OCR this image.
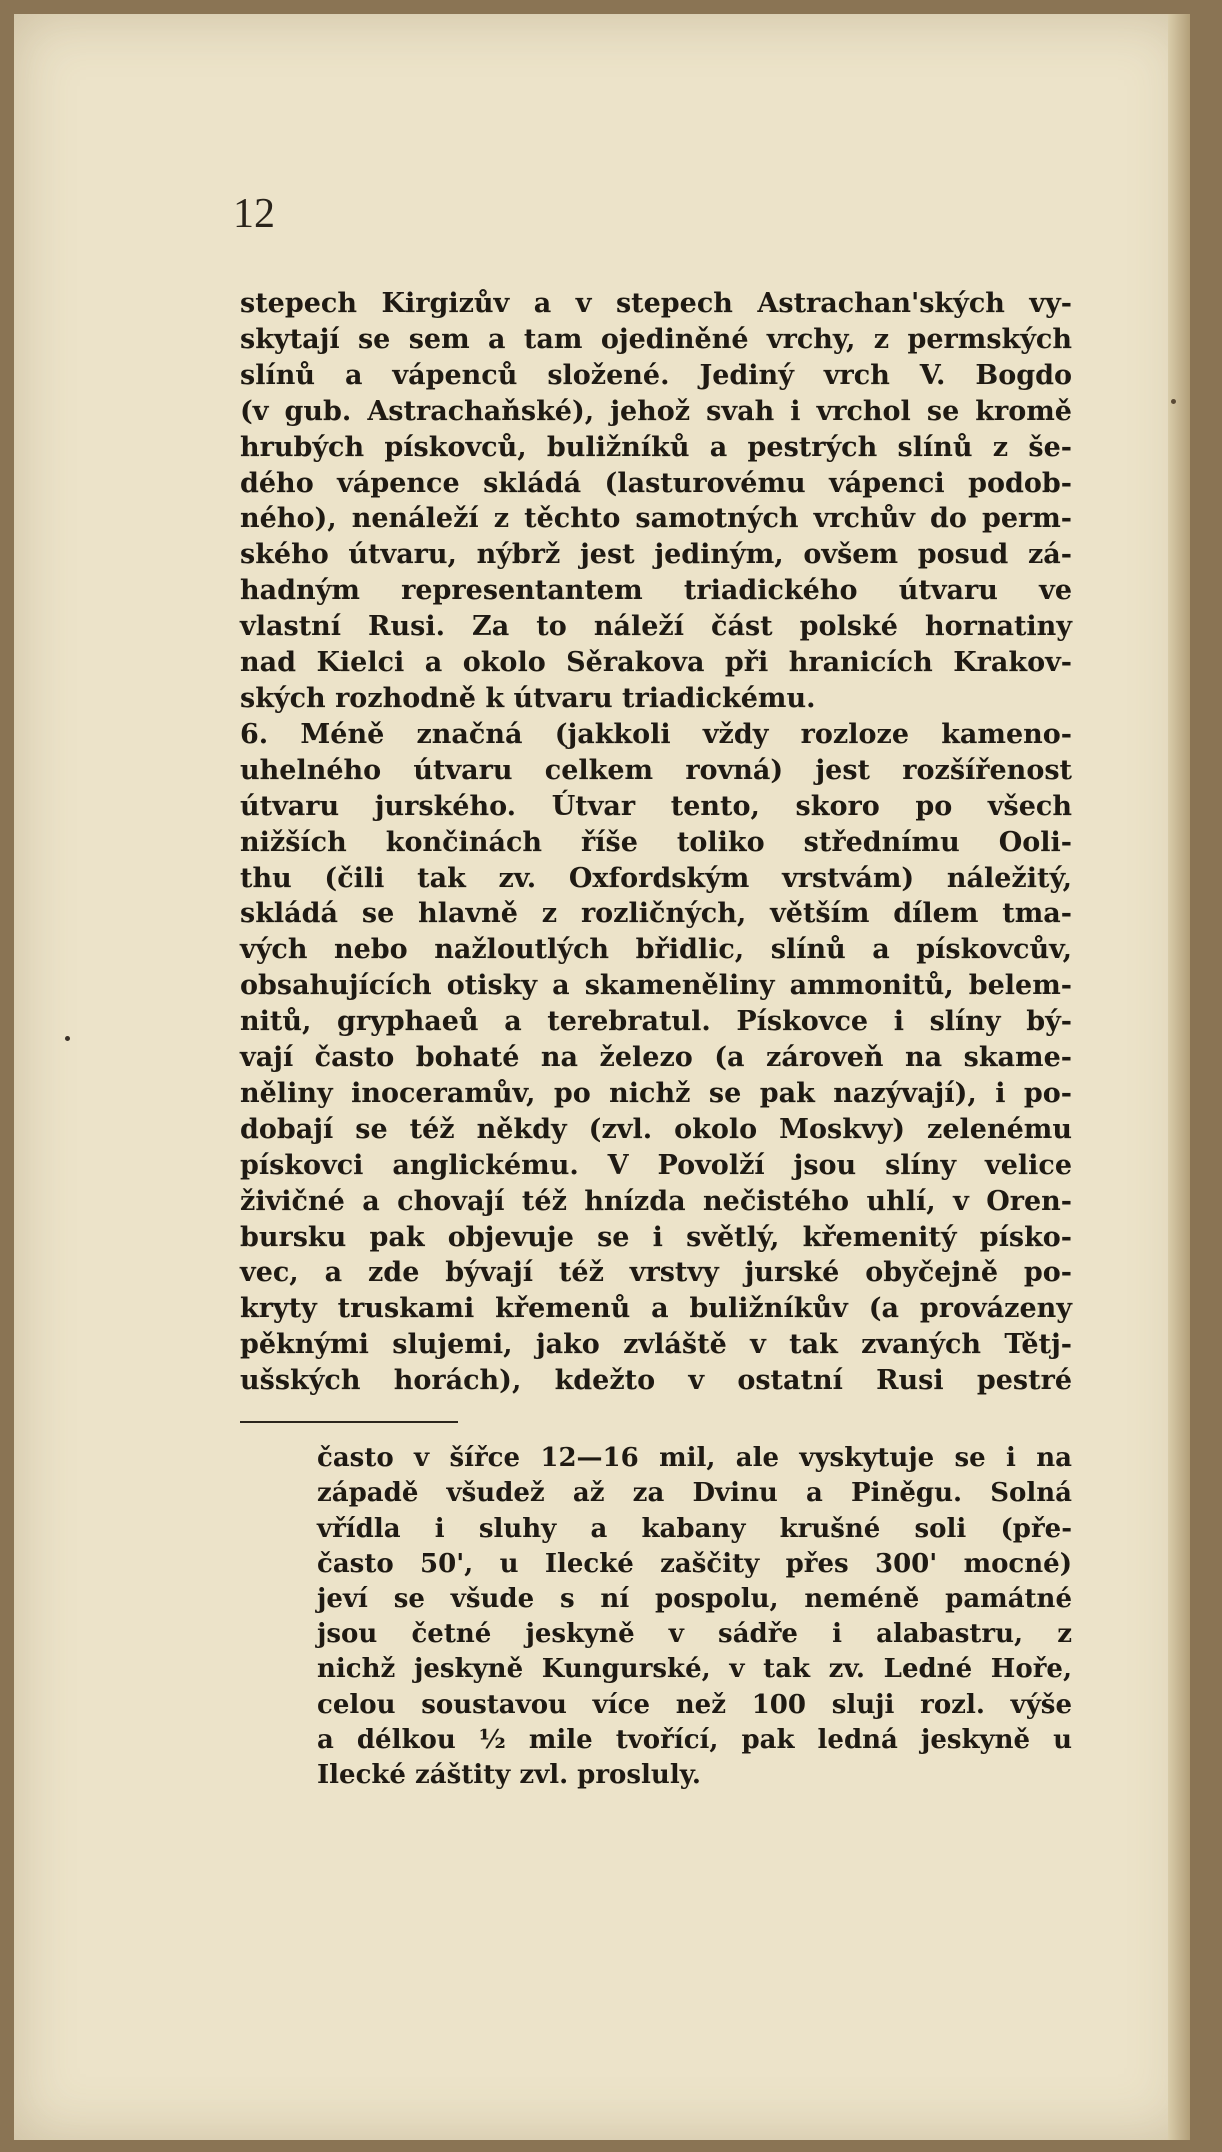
12

stepech Kirgizův a v stepech Astrachan'ských vy-

skytají se sem a tam ojediněné vrchy, z permských

slínů a vápenců složené. Jediný vrch V. Bogdo

(v gub. Astrachaňské), jehož svah i vrchol se kromě

hrubých pískovců, buližníků a pestrých slínů z še-

dého vápence skládá (lasturovému vápenci podob-

ného), nenáleží z těchto samotných vrchův do perm-

ského útvaru, nýbrž jest jediným, ovšem posud zá-

hadným representantem triadického útvaru ve

vlastní Rusi. Za to náleží část polské hornatiny

nad Kielci a okolo Sěrakova při hranicích Krakov-

ských rozhodně k útvaru triadickému.

6. Méně značná (jakkoli vždy rozloze kameno-

uhelného útvaru celkem rovná) jest rozšířenost

útvaru jurského. Útvar tento, skoro po všech

nižších končinách říše toliko střednímu Ooli-

thu (čili tak zv. Oxfordským vrstvám) náležitý,

skládá se hlavně z rozličných, větším dílem tma-

vých nebo nažloutlých břidlic, slínů a pískovcův,

obsahujících otisky a skameněliny ammonitů, belem-

nitů, gryphaeů a terebratul. Pískovce i slíny bý-

vají často bohaté na železo (a zároveň na skame-

něliny inoceramův, po nichž se pak nazývají), i po-

dobají se též někdy (zvl. okolo Moskvy) zelenému

pískovci anglickému. V Povolží jsou slíny velice

živičné a chovají též hnízda nečistého uhlí, v Oren-

bursku pak objevuje se i světlý, křemenitý písko-

vec, a zde bývají též vrstvy jurské obyčejně po-

kryty truskami křemenů a buližníkův (a provázeny

pěknými slujemi, jako zvláště v tak zvaných Tětj-

ušských horách), kdežto v ostatní Rusi pestré

často v šířce 12—16 mil, ale vyskytuje se i na

západě všudež až za Dvinu a Piněgu. Solná

vřídla i sluhy a kabany krušné soli (pře-

často 50', u Ilecké zaščity přes 300' mocné)

jeví se všude s ní pospolu, neméně památné

jsou četné jeskyně v sádře i alabastru, z

nichž jeskyně Kungurské, v tak zv. Ledné Hoře,

celou soustavou více než 100 sluji rozl. výše

a délkou ½ mile tvořící, pak ledná jeskyně u

Ilecké záštity zvl. prosluly.
